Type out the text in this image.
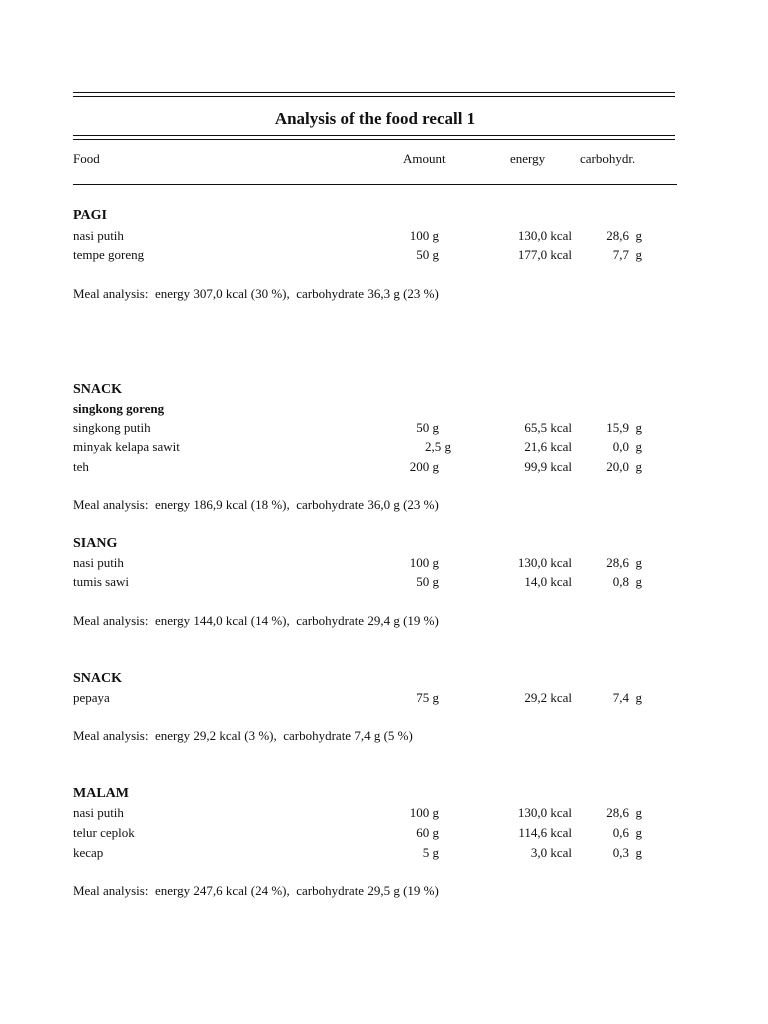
Analysis of the food recall 1
Food	Amount	energy	carbohydr.
PAGI
nasi putih	100 g	130,0 kcal	28,6  g
tempe goreng	50 g	177,0 kcal	7,7  g
Meal analysis:  energy 307,0 kcal (30 %),  carbohydrate 36,3 g (23 %)
SNACK
singkong goreng
singkong putih	50 g	65,5 kcal	15,9  g
minyak kelapa sawit	2,5 g	21,6 kcal	0,0  g
teh	200 g	99,9 kcal	20,0  g
Meal analysis:  energy 186,9 kcal (18 %),  carbohydrate 36,0 g (23 %)
SIANG
nasi putih	100 g	130,0 kcal	28,6  g
tumis sawi	50 g	14,0 kcal	0,8  g
Meal analysis:  energy 144,0 kcal (14 %),  carbohydrate 29,4 g (19 %)
SNACK
pepaya	75 g	29,2 kcal	7,4  g
Meal analysis:  energy 29,2 kcal (3 %),  carbohydrate 7,4 g (5 %)
MALAM
nasi putih	100 g	130,0 kcal	28,6  g
telur ceplok	60 g	114,6 kcal	0,6  g
kecap	5 g	3,0 kcal	0,3  g
Meal analysis:  energy 247,6 kcal (24 %),  carbohydrate 29,5 g (19 %)
